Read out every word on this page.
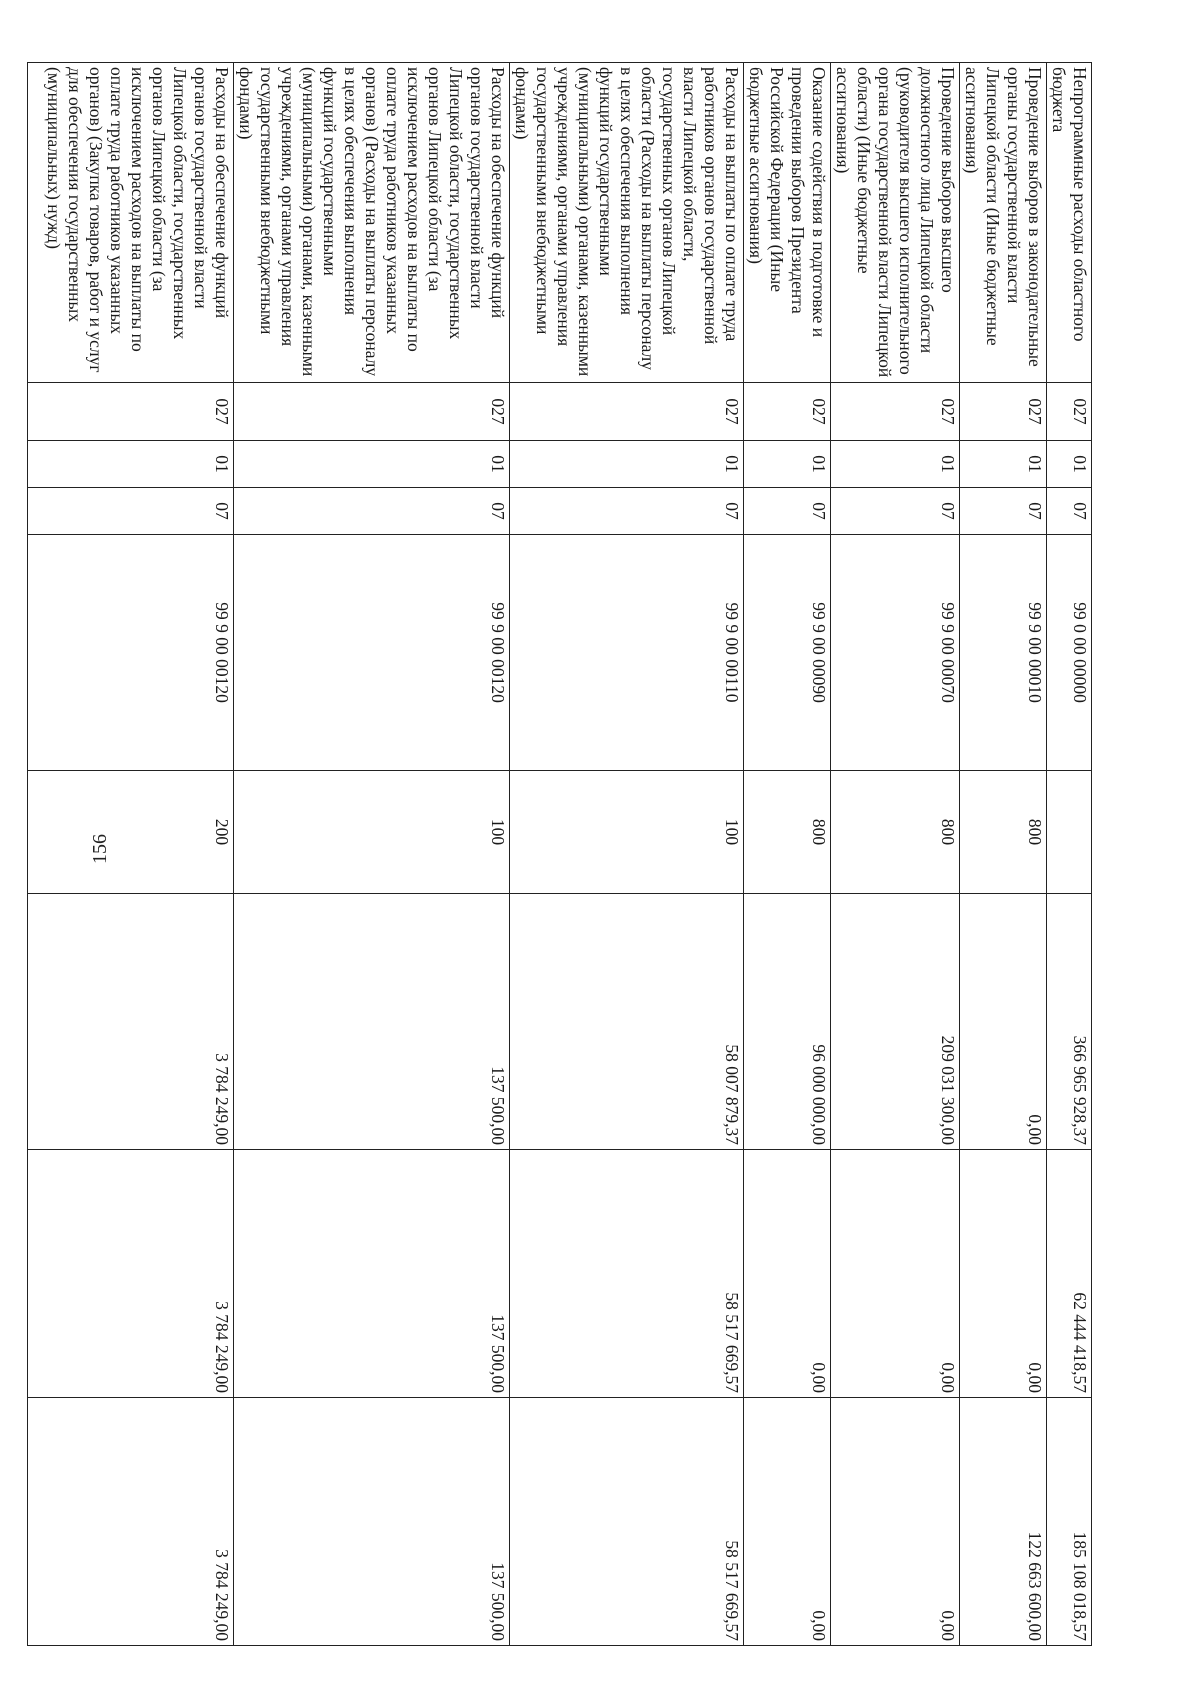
156
Непрограммные расходы областного бюджета	027	01	07	99 0 00 00000		366 965 928,37	62 444 418,57	185 108 018,57
Проведение выборов в законодательные органы государственной власти Липецкой области (Иные бюджетные ассигнования)	027	01	07	99 9 00 00010	800	0,00	0,00	122 663 600,00
Проведение выборов высшего должностного лица Липецкой области (руководителя высшего исполнительного органа государственной власти Липецкой области) (Иные бюджетные ассигнования)	027	01	07	99 9 00 00070	800	209 031 300,00	0,00	0,00
Оказание содействия в подготовке и проведении выборов Президента Российской Федерации (Иные бюджетные ассигнования)	027	01	07	99 9 00 00090	800	96 000 000,00	0,00	0,00
Расходы на выплаты по оплате труда работников органов государственной власти Липецкой области, государственных органов Липецкой области (Расходы на выплаты персоналу в целях обеспечения выполнения функций государственными (муниципальными) органами, казенными учреждениями, органами управления государственными внебюджетными фондами)	027	01	07	99 9 00 00110	100	58 007 879,37	58 517 669,57	58 517 669,57
Расходы на обеспечение функций органов государственной власти Липецкой области, государственных органов Липецкой области (за исключением расходов на выплаты по оплате труда работников указанных органов) (Расходы на выплаты персоналу в целях обеспечения выполнения функций государственными (муниципальными) органами, казенными учреждениями, органами управления государственными внебюджетными фондами)	027	01	07	99 9 00 00120	100	137 500,00	137 500,00	137 500,00
Расходы на обеспечение функций органов государственной власти Липецкой области, государственных органов Липецкой области (за исключением расходов на выплаты по оплате труда работников указанных органов) (Закупка товаров, работ и услуг для обеспечения государственных (муниципальных) нужд)	027	01	07	99 9 00 00120	200	3 784 249,00	3 784 249,00	3 784 249,00
